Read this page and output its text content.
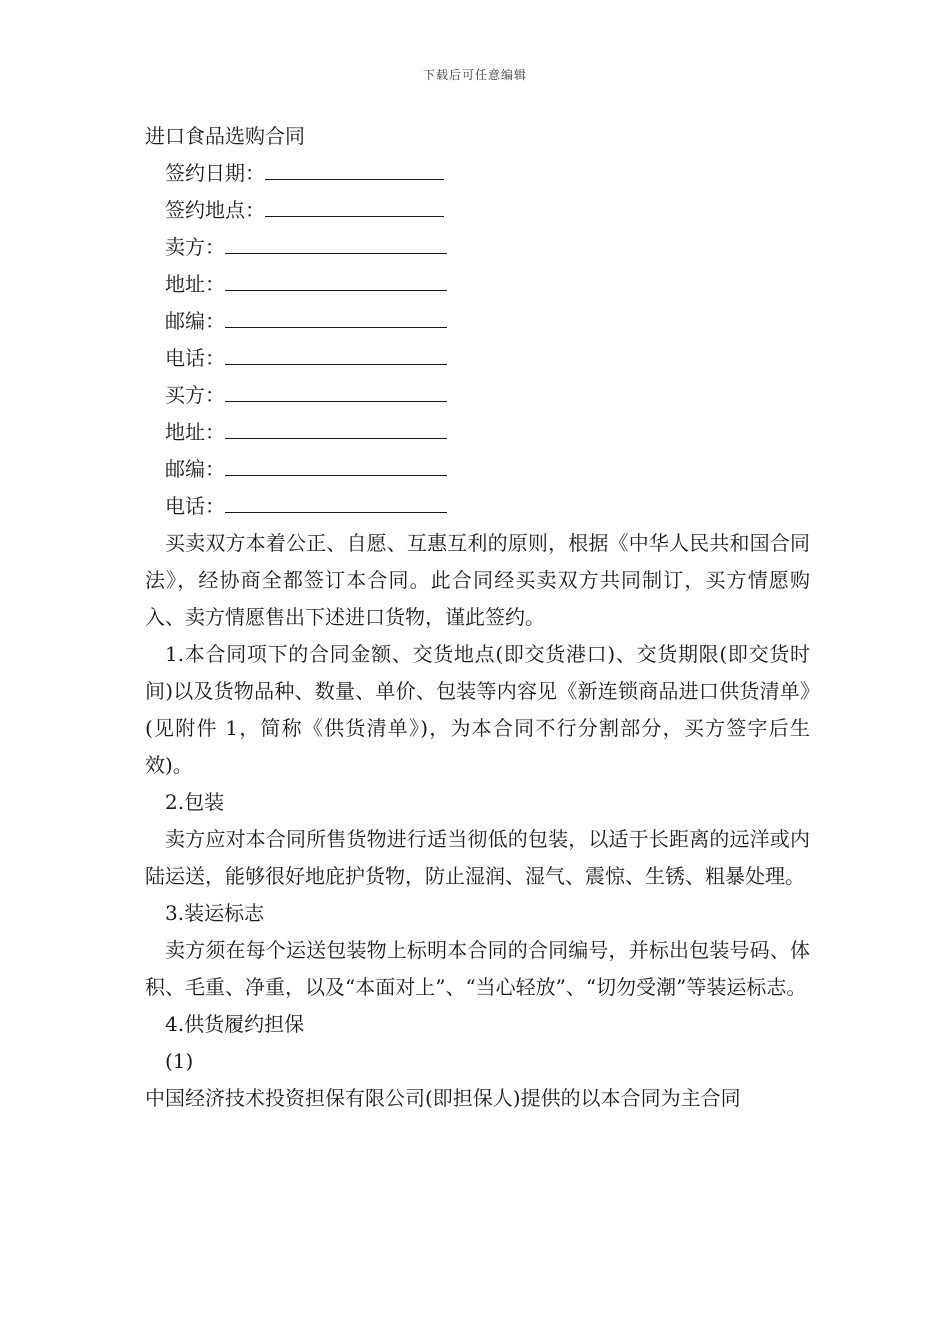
下载后可任意编辑
进口食品选购合同
签约日期：
签约地点：
卖方：
地址：
邮编：
电话：
买方：
地址：
邮编：
电话：

买卖双方本着公正、自愿、互惠互利的原则，根据《中华人民共和国合同法》，经协商全都签订本合同。此合同经买卖双方共同制订，买方情愿购入、卖方情愿售出下述进口货物，谨此签约。

1.本合同项下的合同金额、交货地点(即交货港口)、交货期限(即交货时间)以及货物品种、数量、单价、包装等内容见《新连锁商品进口供货清单》(见附件 1，简称《供货清单》)，为本合同不行分割部分，买方签字后生效)。

2.包装

卖方应对本合同所售货物进行适当彻低的包装，以适于长距离的远洋或内陆运送，能够很好地庇护货物，防止湿润、湿气、震惊、生锈、粗暴处理。

3.装运标志

卖方须在每个运送包装物上标明本合同的合同编号，并标出包装号码、体积、毛重、净重，以及“本面对上”、“当心轻放”、“切勿受潮”等装运标志。

4.供货履约担保

(1)

中国经济技术投资担保有限公司(即担保人)提供的以本合同为主合同
